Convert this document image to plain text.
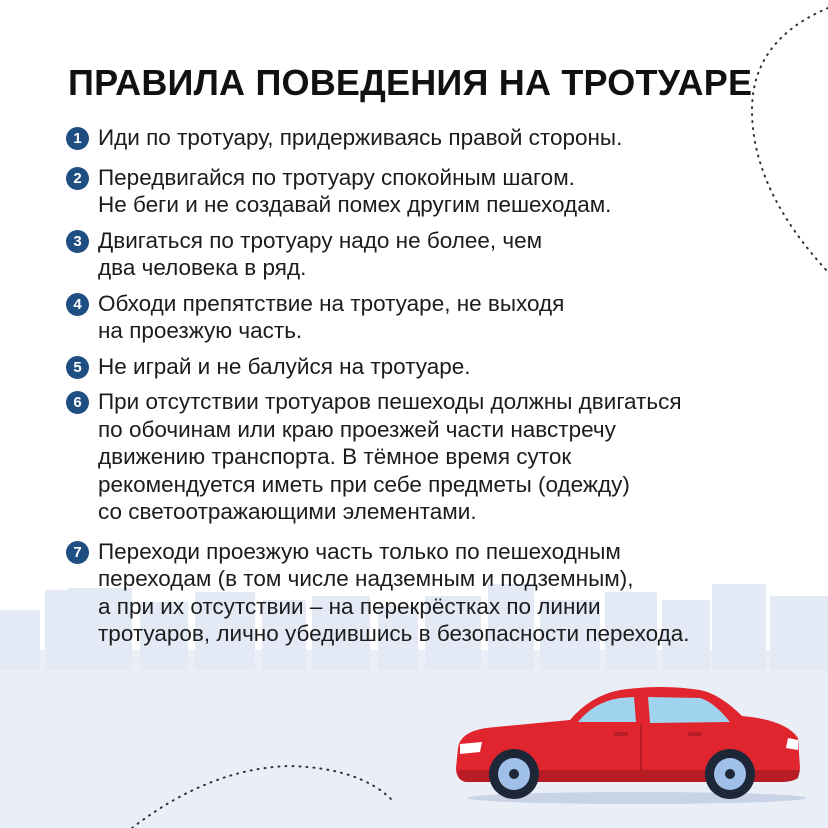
ПРАВИЛА ПОВЕДЕНИЯ НА ТРОТУАРЕ
1 Иди по тротуару, придерживаясь правой стороны.
2 Передвигайся по тротуару спокойным шагом.
Не беги и не создавай помех другим пешеходам.
3 Двигаться по тротуару надо не более, чем
два человека в ряд.
4 Обходи препятствие на тротуаре, не выходя
на проезжую часть.
5 Не играй и не балуйся на тротуаре.
6 При отсутствии тротуаров пешеходы должны двигаться
по обочинам или краю проезжей части навстречу
движению транспорта. В тёмное время суток
рекомендуется иметь при себе предметы (одежду)
со светоотражающими элементами.
7 Переходи проезжую часть только по пешеходным
переходам (в том числе надземным и подземным),
а при их отсутствии – на перекрёстках по линии
тротуаров, лично убедившись в безопасности перехода.
